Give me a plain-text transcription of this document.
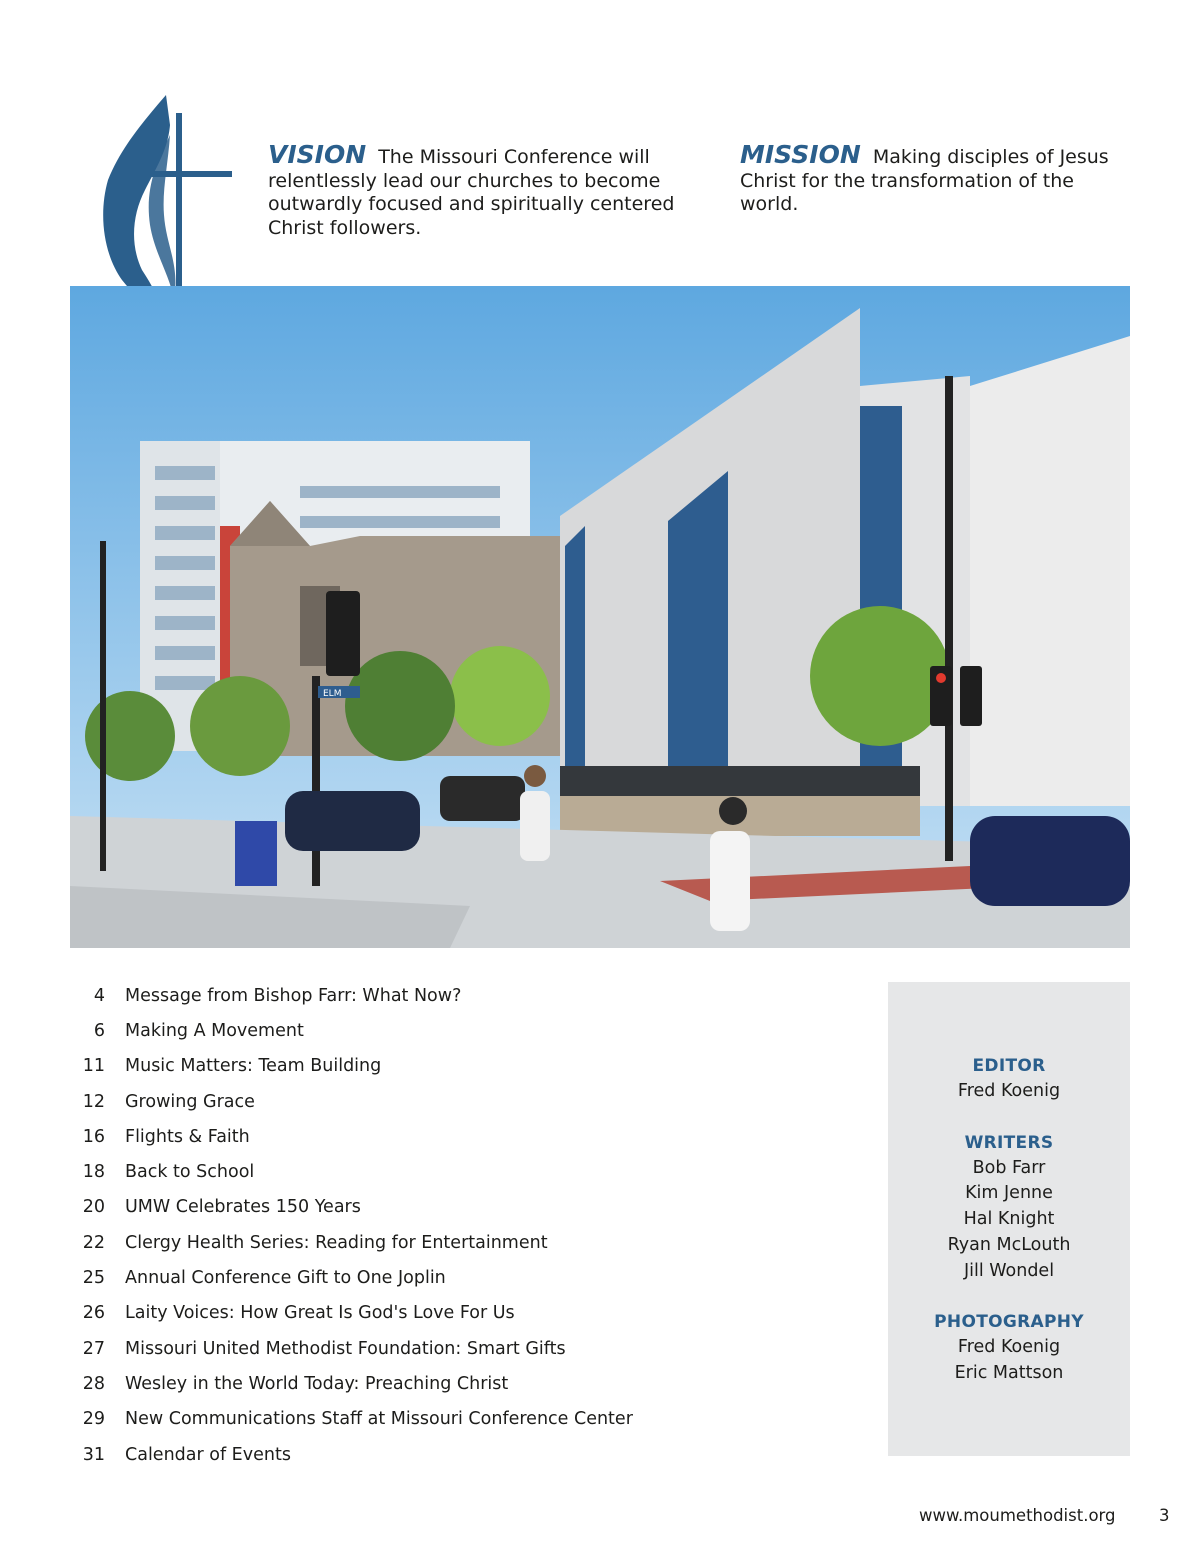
VISION The Missouri Conference will relentlessly lead our churches to become outwardly focused and spiritually centered Christ followers.
MISSION Making disciples of Jesus Christ for the transformation of the world.
ELM
4 Message from Bishop Farr: What Now?
6 Making A Movement
11 Music Matters: Team Building
12 Growing Grace
16 Flights & Faith
18 Back to School
20 UMW Celebrates 150 Years
22 Clergy Health Series: Reading for Entertainment
25 Annual Conference Gift to One Joplin
26 Laity Voices: How Great Is God's Love For Us
27 Missouri United Methodist Foundation: Smart Gifts
28 Wesley in the World Today: Preaching Christ
29 New Communications Staff at Missouri Conference Center
31 Calendar of Events
EDITOR
Fred Koenig
WRITERS
Bob Farr
Kim Jenne
Hal Knight
Ryan McLouth
Jill Wondel
PHOTOGRAPHY
Fred Koenig
Eric Mattson
www.moumethodist.org	3
